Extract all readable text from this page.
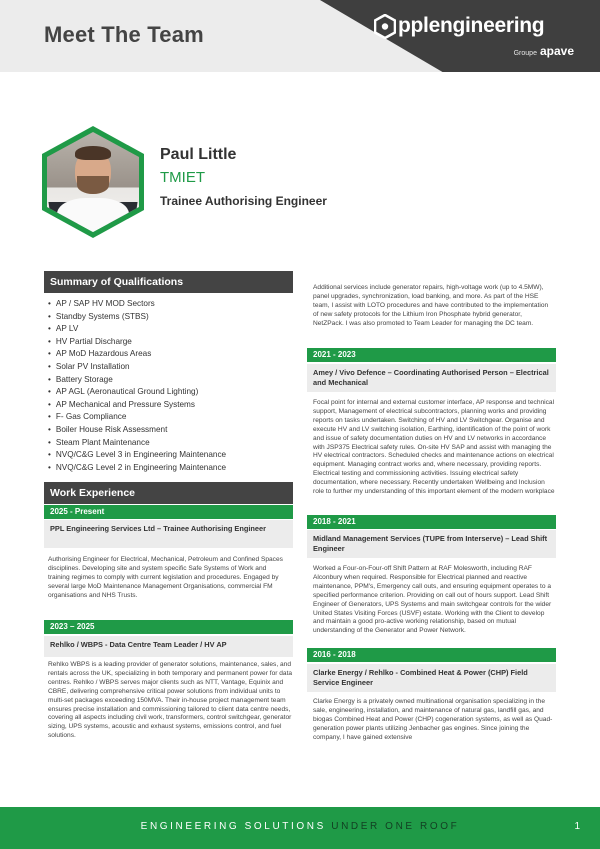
Meet The Team	pplengineering
Groupe apave
Paul Little
TMIET
Trainee Authorising Engineer
Summary of Qualifications
• AP / SAP HV MOD Sectors
• Standby Systems (STBS)
• AP LV
• HV Partial Discharge
• AP MoD Hazardous Areas
• Solar PV Installation
• Battery Storage
• AP AGL (Aeronautical Ground Lighting)
• AP Mechanical and Pressure Systems
• F- Gas Compliance
• Boiler House Risk Assessment
• Steam Plant Maintenance
• NVQ/C&G Level 3 in Engineering Maintenance
• NVQ/C&G Level 2 in Engineering Maintenance
Work Experience
2025 - Present
PPL Engineering Services Ltd – Trainee Authorising Engineer
Authorising Engineer for Electrical, Mechanical, Petroleum and Confined Spaces disciplines. Developing site and system specific Safe Systems of Work and training regimes to comply with current legislation and procedures. Engaged by several large MoD Maintenance Management Organisations, commercial FM organisations and NHS Trusts.
2023 – 2025
Rehlko / WBPS - Data Centre Team Leader / HV AP
Rehlko WBPS is a leading provider of generator solutions, maintenance, sales, and rentals across the UK, specializing in both temporary and permanent power for data centres. Rehlko / WBPS serves major clients such as NTT, Vantage, Equinix and CBRE, delivering comprehensive critical power solutions from individual units to multi-set packages exceeding 150MVA. Their in-house project management team ensures precise installation and commissioning tailored to client data centre needs, covering all aspects including civil work, transformers, control switchgear, generator sizing, UPS systems, acoustic and exhaust systems, emissions control, and fuel solutions.
Additional services include generator repairs, high-voltage work (up to 4.5MW), panel upgrades, synchronization, load banking, and more. As part of the HSE team, I assist with LOTO procedures and have contributed to the implementation of new safety protocols for the Lithium Iron Phosphate hybrid generator, NetZPack. I was also promoted to Team Leader for managing the DC team.
2021 - 2023
Amey / Vivo Defence – Coordinating Authorised Person – Electrical and Mechanical
Focal point for internal and external customer interface, AP response and technical support, Management of electrical subcontractors, planning works and providing reports on tasks undertaken. Switching of HV and LV Switchgear. Organise and execute HV and LV switching isolation, Earthing, identification of the point of work and issue of safety documentation duties on HV and LV networks in accordance with JSP375 Electrical safety rules. On-site HV SAP and assist with managing the HV electrical contractors. Scheduled checks and maintenance actions on electrical equipment. Managing contract works and, where necessary, providing reports. Electrical testing and commissioning activities. Issuing electrical safety documentation, where necessary. Recently undertaken Wellbeing and Inclusion role to further my understanding of this important element of the modern workplace
2018 - 2021
Midland Management Services (TUPE from Interserve) – Lead Shift Engineer
Worked a Four-on-Four-off Shift Pattern at RAF Molesworth, including RAF Alconbury when required. Responsible for Electrical planned and reactive maintenance, PPM's, Emergency call outs, and ensuring equipment operates to a specified performance criterion. Providing on call out of hours support. Lead Shift Engineer of Generators, UPS Systems and main switchgear controls for the wider United States Visiting Forces (USVF) estate. Working with the Client to develop and maintain a good pro-active working relationship, based on mutual understanding of the Generator and Power Network.
2016 - 2018
Clarke Energy / Rehlko - Combined Heat & Power (CHP) Field Service Engineer
Clarke Energy is a privately owned multinational organisation specializing in the sale, engineering, installation, and maintenance of natural gas, landfill gas, and biogas Combined Heat and Power (CHP) cogeneration systems, as well as Quad-generation power plants utilizing Jenbacher gas engines. Since joining the company, I have gained extensive
ENGINEERING SOLUTIONS UNDER ONE ROOF	1
